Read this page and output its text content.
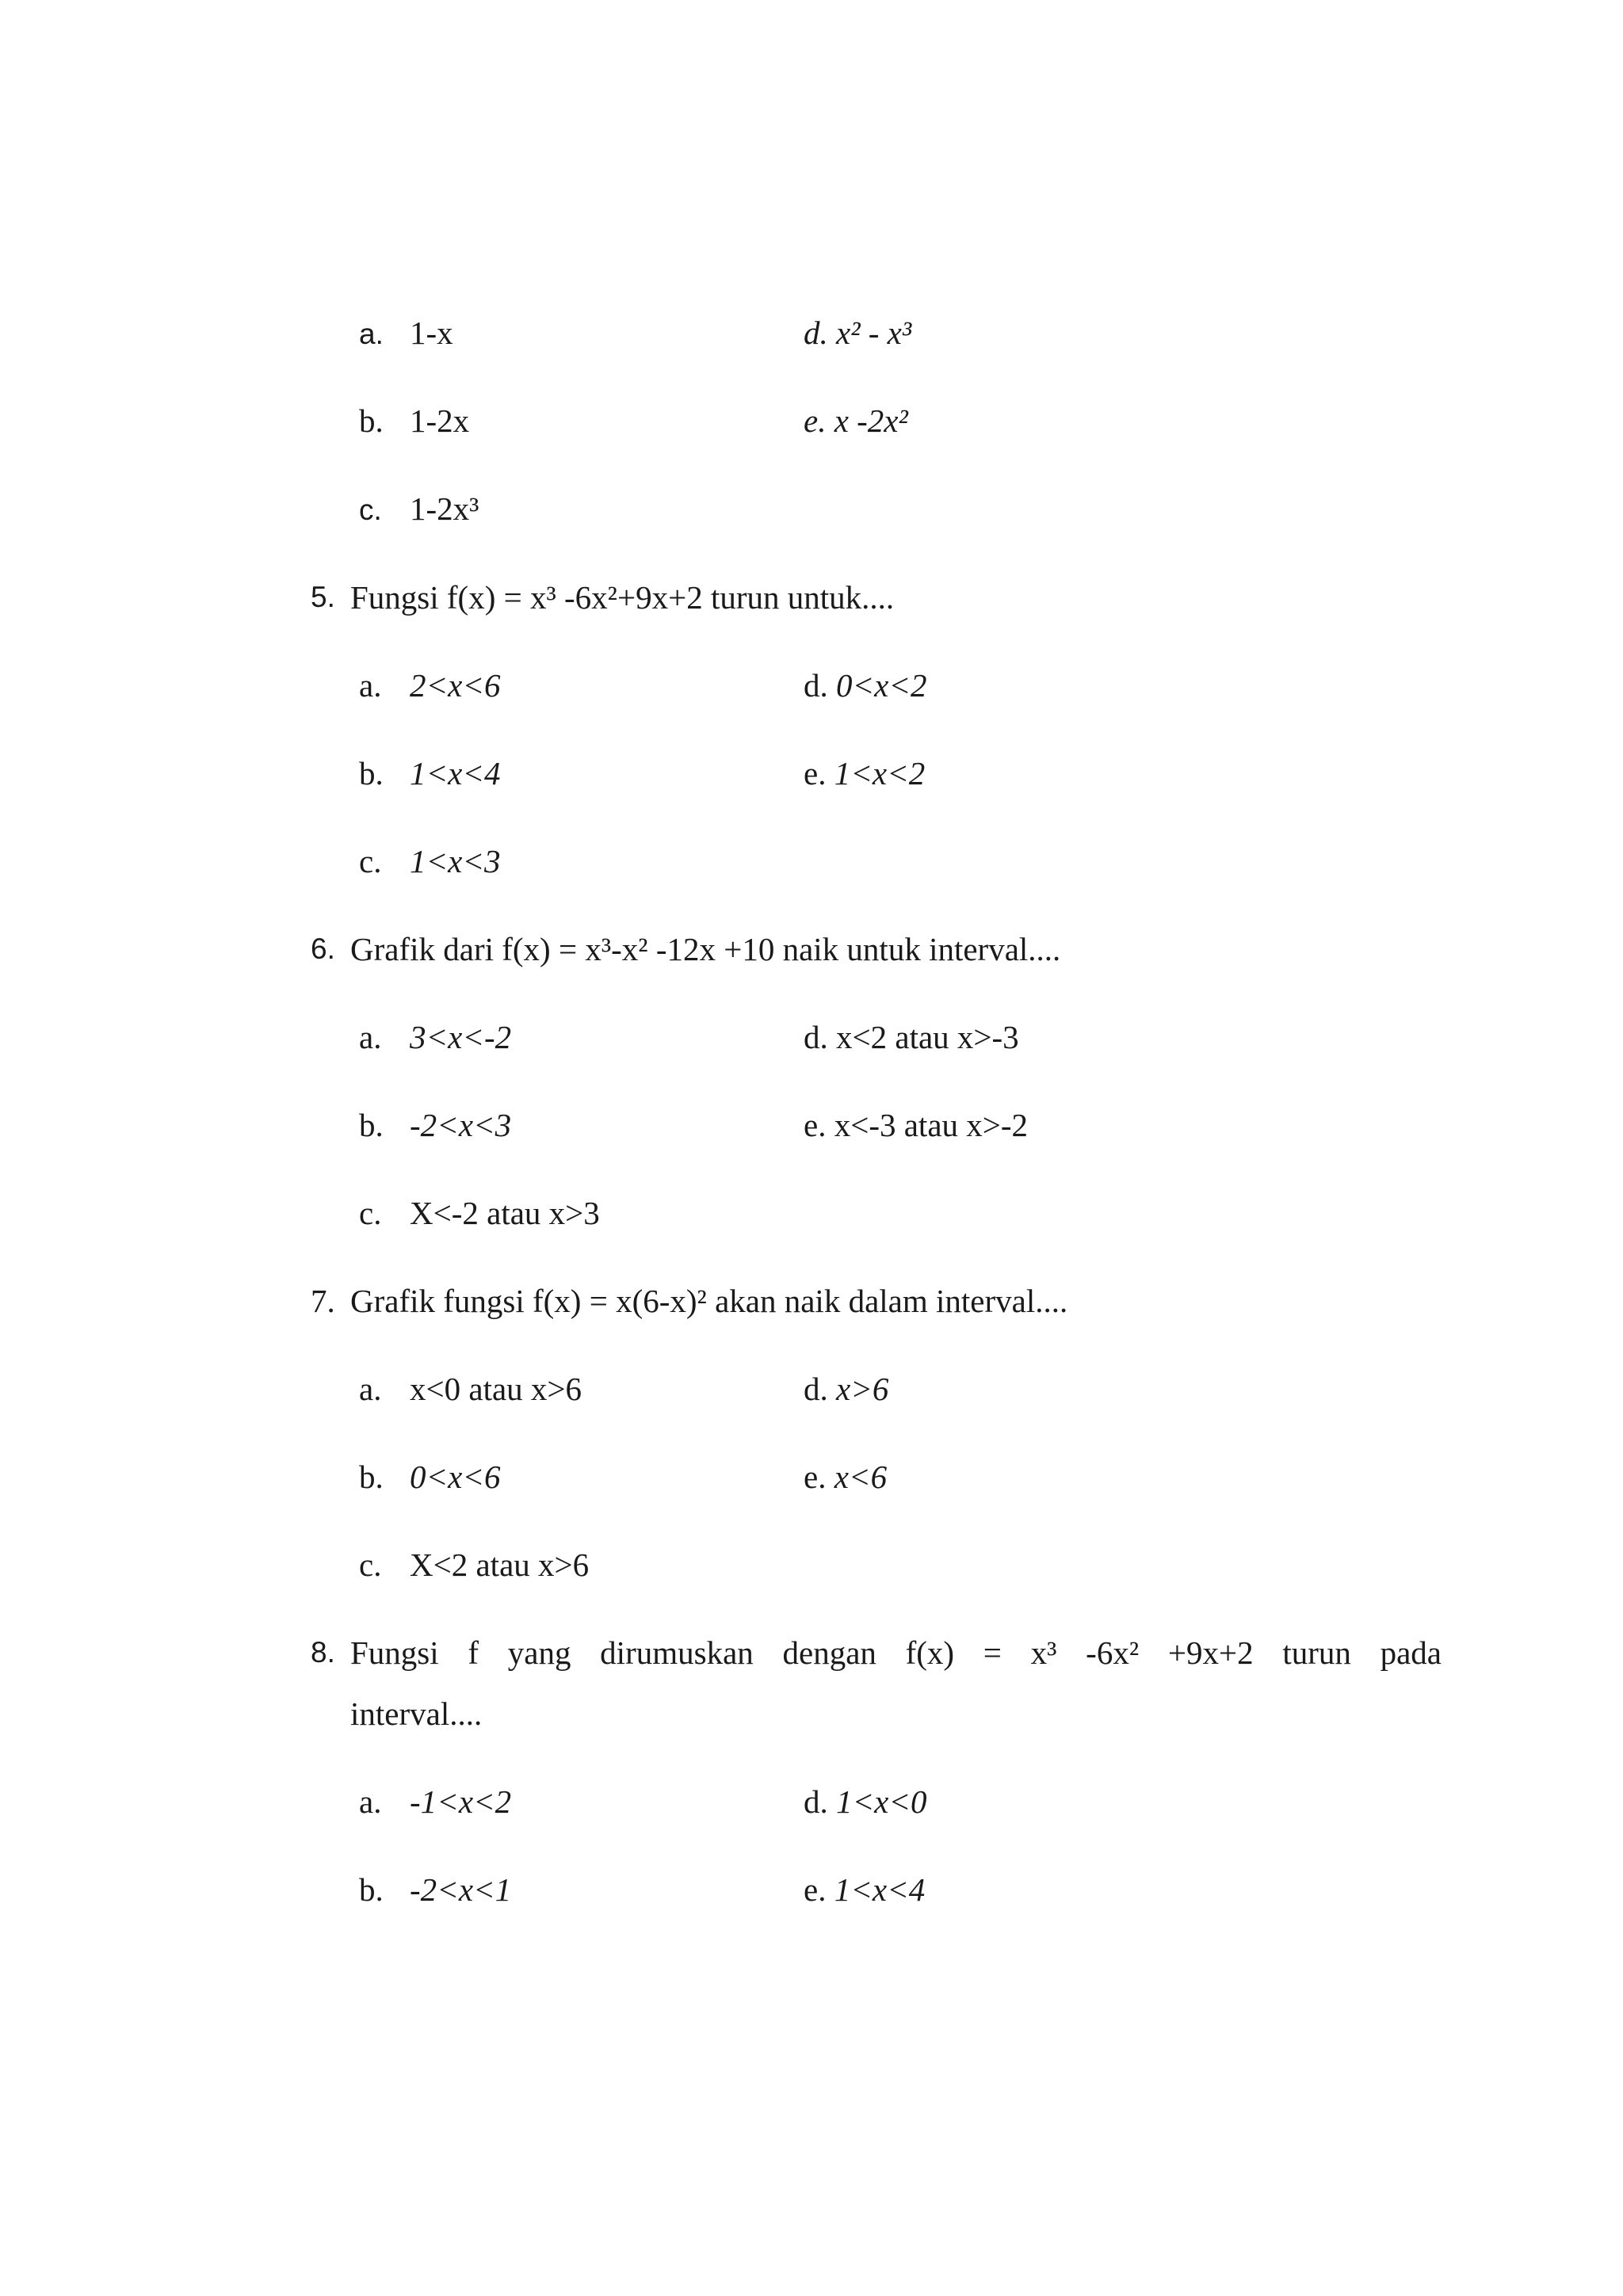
a. 1-x	d. x² - x³
b. 1-2x	e. x -2x²
c. 1-2x³
5. Fungsi f(x) = x³ -6x²+9x+2 turun untuk....
a. 2<x<6	d. 0<x<2
b. 1<x<4	e. 1<x<2
c. 1<x<3
6. Grafik dari f(x) = x³-x² -12x +10 naik untuk interval....
a. 3<x<-2	d. x<2 atau x>-3
b. -2<x<3	e. x<-3 atau x>-2
c. X<-2 atau x>3
7. Grafik fungsi f(x) = x(6-x)² akan naik dalam interval....
a. x<0 atau x>6	d. x>6
b. 0<x<6	e. x<6
c. X<2 atau x>6
8. Fungsi f yang dirumuskan dengan f(x) = x³ -6x² +9x+2 turun pada
interval....
a. -1<x<2	d. 1<x<0
b. -2<x<1	e. 1<x<4
